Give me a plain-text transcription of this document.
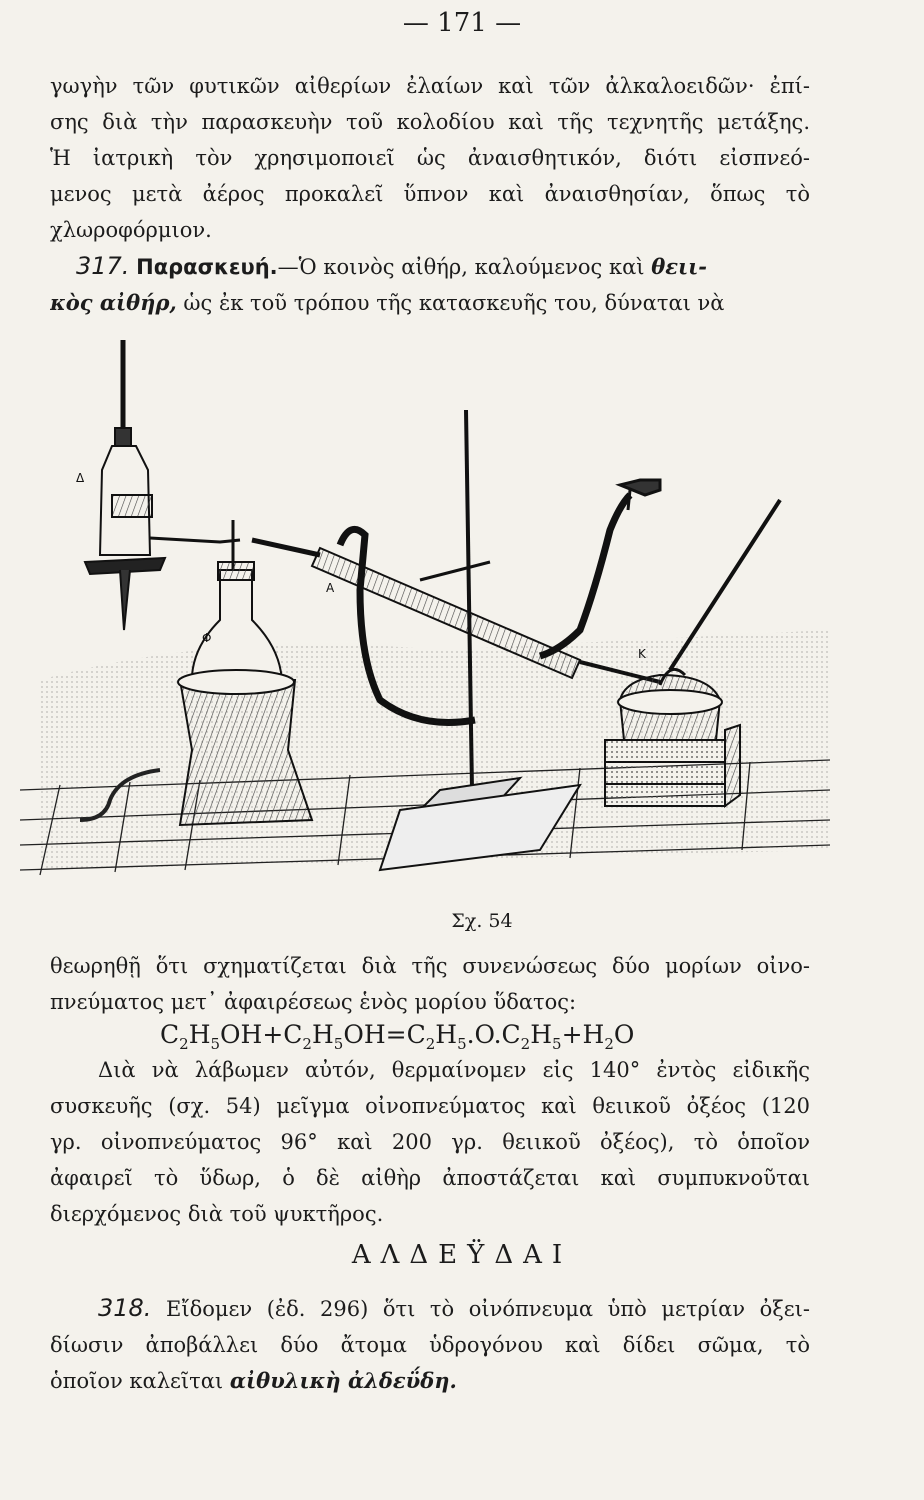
— 171 —
γωγὴν τῶν φυτικῶν αἰθερίων ἐλαίων καὶ τῶν ἀλκαλοειδῶν· ἐπί-
σης διὰ τὴν παρασκευὴν τοῦ κολοδίου καὶ τῆς τεχνητῆς μετάξης.
Ἡ ἰατρικὴ τὸν χρησιμοποιεῖ ὡς ἀναισθητικόν, διότι εἰσπνεό-
μενος μετὰ ἀέρος προκαλεῖ ὕπνον καὶ ἀναισθησίαν, ὅπως τὸ
χλωροφόρμιον.
317. Παρασκευή.—Ὁ κοινὸς αἰθήρ, καλούμενος καὶ θειι-
κὸς αἰθήρ, ὡς ἐκ τοῦ τρόπου τῆς κατασκευῆς του, δύναται νὰ
Δ
Α
Φ
Κ
Σχ. 54
θεωρηθῇ ὅτι σχηματίζεται διὰ τῆς συνενώσεως δύο μορίων οἰνο-
πνεύματος μετ᾽ ἀφαιρέσεως ἑνὸς μορίου ὕδατος:
$C_2H_5OH+C_2H_5OH=C_2H_5.O.C_2H_5+H_2O$
Διὰ νὰ λάβωμεν αὐτόν, θερμαίνομεν εἰς 140° ἐντὸς εἰδικῆς
συσκευῆς (σχ. 54) μεῖγμα οἰνοπνεύματος καὶ θειικοῦ ὀξέος (120
γρ. οἰνοπνεύματος 96° καὶ 200 γρ. θειικοῦ ὀξέος), τὸ ὁποῖον
ἀφαιρεῖ τὸ ὕδωρ, ὁ δὲ αἰθὴρ ἀποστάζεται καὶ συμπυκνοῦται
διερχόμενος διὰ τοῦ ψυκτῆρος.
ΑΛΔΕΫΔΑΙ
318. Εἴδομεν (ἐδ. 296) ὅτι τὸ οἰνόπνευμα ὑπὸ μετρίαν ὀξει-
δίωσιν ἀποβάλλει δύο ἄτομα ὑδρογόνου καὶ δίδει σῶμα, τὸ
ὁποῖον καλεῖται αἰθυλικὴ ἀλδεΰδη.
